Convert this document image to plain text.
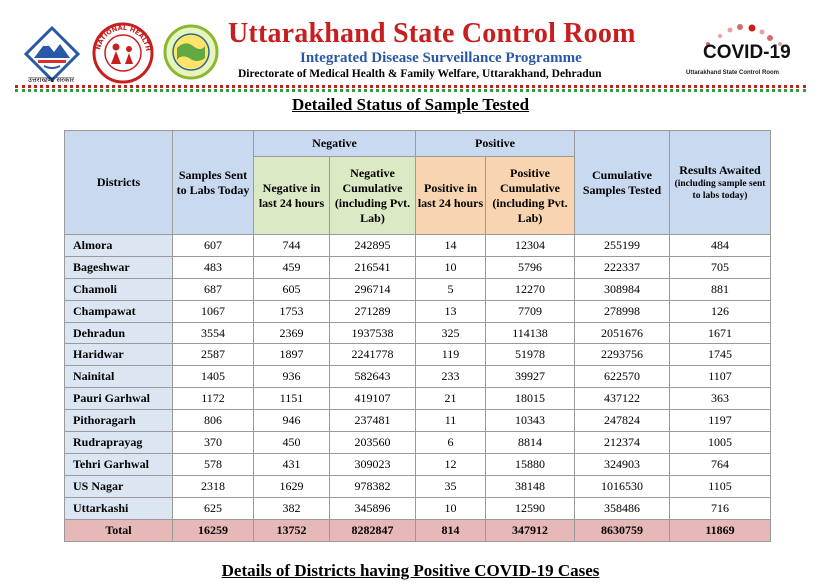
उत्तराखण्ड सरकार
NATIONAL HEALTH	Uttarakhand State Control Room
Integrated Disease Surveillance Programme
Directorate of Medical Health & Family Welfare, Uttarakhand, Dehradun
COVID-19
Uttarakhand State Control Room
Detailed Status of Sample Tested
Districts	Samples Sent to Labs Today	Negative		Positive		Cumulative Samples Tested	Results Awaited
(including sample sent to labs today)

		Negative in last 24 hours	Negative Cumulative (including Pvt. Lab)	Positive in last 24 hours	Positive Cumulative (including Pvt. Lab)		
Almora	607	744	242895	14	12304	255199	484
Bageshwar	483	459	216541	10	5796	222337	705
Chamoli	687	605	296714	5	12270	308984	881
Champawat	1067	1753	271289	13	7709	278998	126
Dehradun	3554	2369	1937538	325	114138	2051676	1671
Haridwar	2587	1897	2241778	119	51978	2293756	1745
Nainital	1405	936	582643	233	39927	622570	1107
Pauri Garhwal	1172	1151	419107	21	18015	437122	363
Pithoragarh	806	946	237481	11	10343	247824	1197
Rudraprayag	370	450	203560	6	8814	212374	1005
Tehri Garhwal	578	431	309023	12	15880	324903	764
US Nagar	2318	1629	978382	35	38148	1016530	1105
Uttarkashi	625	382	345896	10	12590	358486	716
Total	16259	13752	8282847	814	347912	8630759	11869
Details of Districts having Positive COVID-19 Cases
